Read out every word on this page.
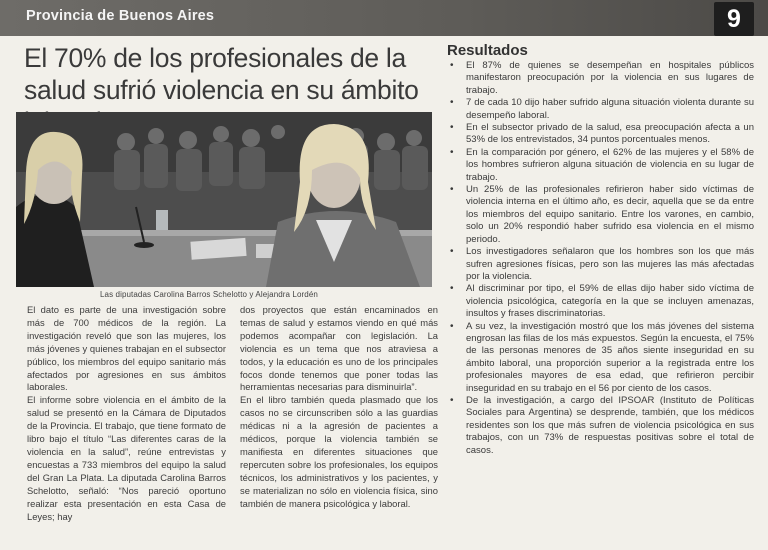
Provincia de Buenos Aires	9
El 70% de los profesionales de la salud sufrió violencia en su ámbito
Las diputadas Carolina Barros Schelotto y Alejandra Lordén

El dato es parte de una investigación sobre más de 700 médicos de la región. La investigación reveló que son las mujeres, los más jóvenes y quienes trabajan en el subsector público, los miembros del equipo sanitario más afectados por agresiones en sus ámbitos laborales.

El informe sobre violencia en el ámbito de la salud se presentó en la Cámara de Diputados de la Provincia. El trabajo, que tiene formato de libro bajo el título “Las diferentes caras de la violencia en la salud”, reúne entrevistas y encuestas a 733 miembros del equipo la salud del Gran La Plata. La diputada Carolina Barros Schelotto, señaló: “Nos pareció oportuno realizar esta presentación en esta Casa de Leyes; hay

dos proyectos que están encaminados en temas de salud y estamos viendo en qué más podemos acompañar con legislación. La violencia es un tema que nos atraviesa a todos, y la educación es uno de los principales focos donde tenemos que poner todas las herramientas necesarias para disminuirla”.

En el libro también queda plasmado que los casos no se circunscriben sólo a las guardias médicas ni a la agresión de pacientes a médicos, porque la violencia también se manifiesta en diferentes situaciones que repercuten sobre los profesionales, los equipos técnicos, los administrativos y los pacientes, y se materializan no sólo en violencia física, sino también de manera psicológica y laboral.

Resultados
• El 87% de quienes se desempeñan en hospitales públicos manifestaron preocupación por la violencia en sus lugares de trabajo.
• 7 de cada 10 dijo haber sufrido alguna situación violenta durante su desempeño laboral.
• En el subsector privado de la salud, esa preocupación afecta a un 53% de los entrevistados, 34 puntos porcentuales menos.
• En la comparación por género, el 62% de las mujeres y el 58% de los hombres sufrieron alguna situación de violencia en su lugar de trabajo.
• Un 25% de las profesionales refirieron haber sido víctimas de violencia interna en el último año, es decir, aquella que se da entre los miembros del equipo sanitario. Entre los varones, en cambio, solo un 20% respondió haber sufrido esa violencia en el mismo periodo.
• Los investigadores señalaron que los hombres son los que más sufren agresiones físicas, pero son las mujeres las más afectadas por la violencia.
• Al discriminar por tipo, el 59% de ellas dijo haber sido víctima de violencia psicológica, categoría en la que se incluyen amenazas, insultos y frases discriminatorias.
• A su vez, la investigación mostró que los más jóvenes del sistema engrosan las filas de los más expuestos. Según la encuesta, el 75% de las personas menores de 35 años siente inseguridad en su ámbito laboral, una proporción superior a la registrada entre los profesionales mayores de esa edad, que refirieron percibir inseguridad en su trabajo en el 56 por ciento de los casos.
• De la investigación, a cargo del IPSOAR (Instituto de Políticas Sociales para Argentina) se desprende, también, que los médicos residentes son los que más sufren de violencia psicológica en sus trabajos, con un 73% de respuestas positivas sobre el total de casos.
